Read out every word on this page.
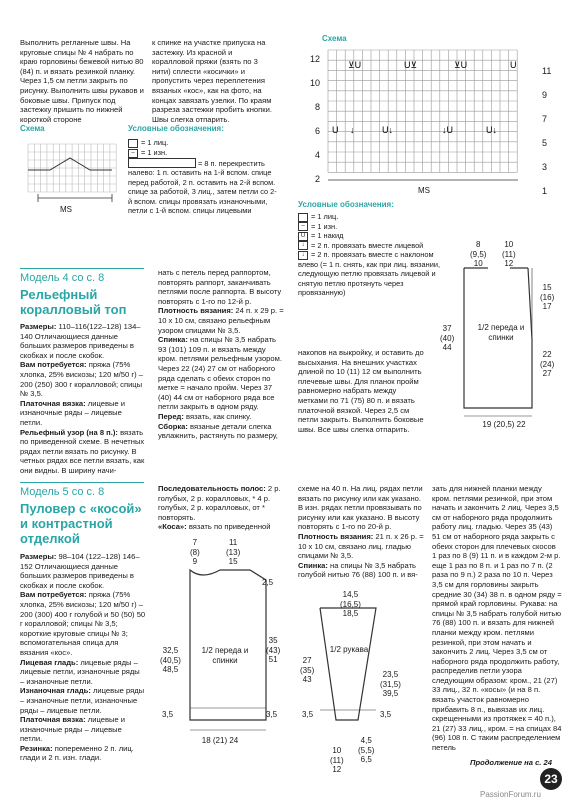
Выполнить регланные швы. На круговые спицы № 4 набрать по краю горловины бежевой нитью 80 (84) п. и вязать резинкой планку. Через 1,5 см петли закрыть по рисунку. Выполнить швы рукавов и боковые швы. Припуск под застежку пришить по нижней короткой стороне
к спинке на участке припуска на застежку. Из красной и коралловой пряжи (взять по 3 нити) сплести «косички» и пропустить через переплетения вязаных «кос», как на фото, на концах завязать узелки. По краям разреза застежки пробить кнопки. Швы слегка отпарить.
Схема
MS
Условные обозначения:
= 1 лиц.
– = 1 изн.
= 8 п. перекрестить налево: 1 п. оставить на 1-й вспом. спице перед работой, 2 п. оставить на 2-й вспом. спице за работой, 3 лиц., затем петли со 2-й вспом. спицы провязать изнаночными, петли с 1-й вспом. спицы лицевыми
Схема
⊻U	U⊻	⊻U	U
U ↓	U↓	↓U	U↓
12
10
8
6
4
2
11
9
7
5
3
1
MS
Условные обозначения:
= 1 лиц.
– = 1 изн.
U = 1 накид
↓ = 2 п. провязать вместе лицевой
↓ = 2 п. провязать вместе с наклоном влево (= 1 п. снять, как при лиц. вязании, следующую петлю провязать лицевой и снятую петлю протянуть через провязанную)
Модель 4 со с. 8
Рельефный коралловый топ
Размеры: 110–116(122–128) 134–140 Отличающиеся данные больших размеров приведены в скобках и после скобок.
Вам потребуется: пряжа (75% хлопка, 25% вискозы; 120 м/50 г) – 200 (250) 300 г коралловой; спицы № 3,5.
Платочная вязка: лицевые и изнаночные ряды – лицевые петли.
Рельефный узор (на 8 п.): вязать по приведенной схеме. В нечетных рядах петли вязать по рисунку. В четных рядах все петли вязать, как они видны. В ширину начи-
нать с петель перед раппортом, повторять раппорт, заканчивать петлями после раппорта. В высоту повторять с 1-го по 12-й р.
Плотность вязания: 24 п. x 29 р. = 10 x 10 см, связано рельефным узором спицами № 3,5.
Спинка: на спицы № 3,5 набрать 93 (101) 109 п. и вязать между кром. петлями рельефным узором. Через 22 (24) 27 см от наборного ряда сделать с обеих сторон по метке = начало пройм. Через 37 (40) 44 см от наборного ряда все петли закрыть в одном ряду.
Перед: вязать, как спинку.
Сборка: вязаные детали слегка увлажнить, растянуть по размеру,
накопов на выкройку, и оставить до высыхания. На внешних участках длиной по 10 (11) 12 см выполнить плечевые швы. Для планок пройм равномерно набрать между метками по 71 (75) 80 п. и вязать платочной вязкой. Через 2,5 см петли закрыть. Выполнить боковые швы. Все швы слегка отпарить.
8
(9,5)
10
10
(11)
12
15
(16)
17
22
(24)
27
37
(40)
44
1/2 переда и спинки
19 (20,5) 22
Модель 5 со с. 8
Пуловер с «косой» и контрастной отделкой
Размеры: 98–104 (122–128) 146–152 Отличающиеся данные больших размеров приведены в скобках и после скобок.
Вам потребуется: пряжа (75% хлопка, 25% вискозы; 120 м/50 г) – 200 (300) 400 г голубой и 50 (50) 50 г коралловой; спицы № 3,5; короткие круговые спицы № 3; вспомогательная спица для вязания «кос».
Лицевая гладь: лицевые ряды – лицевые петли, изнаночные ряды – изнаночные петли.
Изнаночная гладь: лицевые ряды – изнаночные петли, изнаночные ряды – лицевые петли.
Платочная вязка: лицевые и изнаночные ряды – лицевые петли.
Резинка: попеременно 2 п. лиц. глади и 2 п. изн. глади.
Последовательность полос: 2 р. голубых, 2 р. коралловых, * 4 р. голубых, 2 р. коралловых, от * повторять.
«Коса»: вязать по приведенной
схеме на 40 п. На лиц. рядах петли вязать по рисунку или как указано. В изн. рядах петли провязывать по рисунку или как указано. В высоту повторять с 1-го по 20-й р.
Плотность вязания: 21 п. x 26 р. = 10 x 10 см, связано лиц. гладью спицами № 3,5.
Спинка: на спицы № 3,5 набрать голубой нитью 76 (88) 100 п. и вя-
зать для нижней планки между кром. петлями резинкой, при этом начать и закончить 2 лиц. Через 3,5 см от наборного ряда продолжить работу лиц. гладью. Через 35 (43) 51 см от наборного ряда закрыть с обеих сторон для плечевых скосов 1 раз по 8 (9) 11 п. и в каждом 2-м р. еще 1 раз по 8 п. и 1 раз по 7 п. (2 раза по 9 п.) 2 раза по 10 п. Через 3,5 см для горловины закрыть средние 30 (34) 38 п. в одном ряду = прямой край горловины. Рукава: на спицы № 3,5 набрать голубой нитью 76 (88) 100 п. и вязать для нижней планки между кром. петлями резинкой, при этом начать и закончить 2 лиц. Через 3,5 см от наборного ряда продолжить работу, распределив петли узора следующим образом: кром., 21 (27) 33 лиц., 32 п. «косы» (и на 8 п. вязать участок равномерно прибавить 8 п., вывязав их лиц. скрещенными из протяжек = 40 п.), 21 (27) 33 лиц., кром. = на спицах 84 (96) 108 п. С таким распределением петель
Продолжение на с. 24
7
(8)
9
11
(13)
15
2,5
32,5
(40,5)
48,5
35
(43)
51
1/2 переда и спинки
3,5	3,5
18 (21) 24
14,5
(16,5)
18,5
27
(35)
43
23,5
(31,5)
39,5
1/2 рукава
3,5	3,5
10
(11)
12
4,5
(5,5)
6,5
23
PassionForum.ru
